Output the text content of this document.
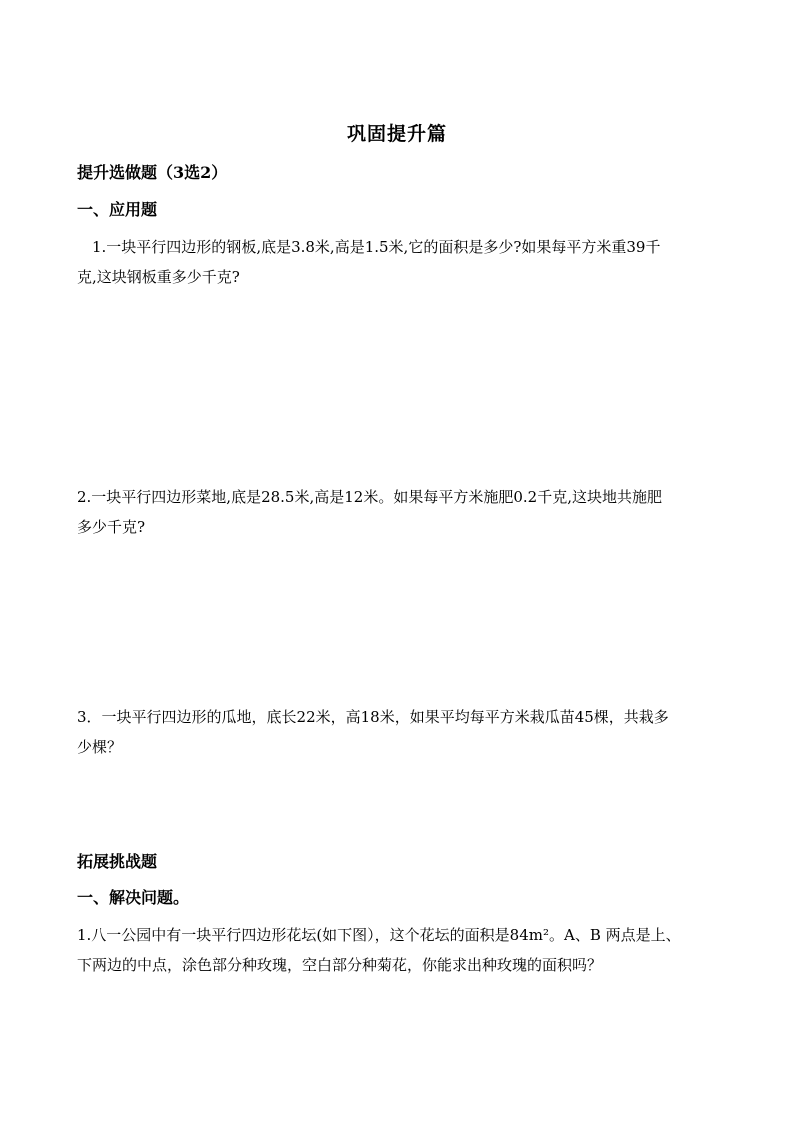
巩固提升篇
提升选做题（3选2）
一、应用题
　1.一块平行四边形的钢板,底是3.8米,高是1.5米,它的面积是多少?如果每平方米重39千
克,这块钢板重多少千克?
2.一块平行四边形菜地,底是28.5米,高是12米。如果每平方米施肥0.2千克,这块地共施肥
多少千克?
3．一块平行四边形的瓜地，底长22米，高18米，如果平均每平方米栽瓜苗45棵，共栽多
少棵？
拓展挑战题
一、解决问题。
1.八一公园中有一块平行四边形花坛(如下图），这个花坛的面积是84m²。A、B 两点是上、
下两边的中点，涂色部分种玫瑰，空白部分种菊花，你能求出种玫瑰的面积吗？
